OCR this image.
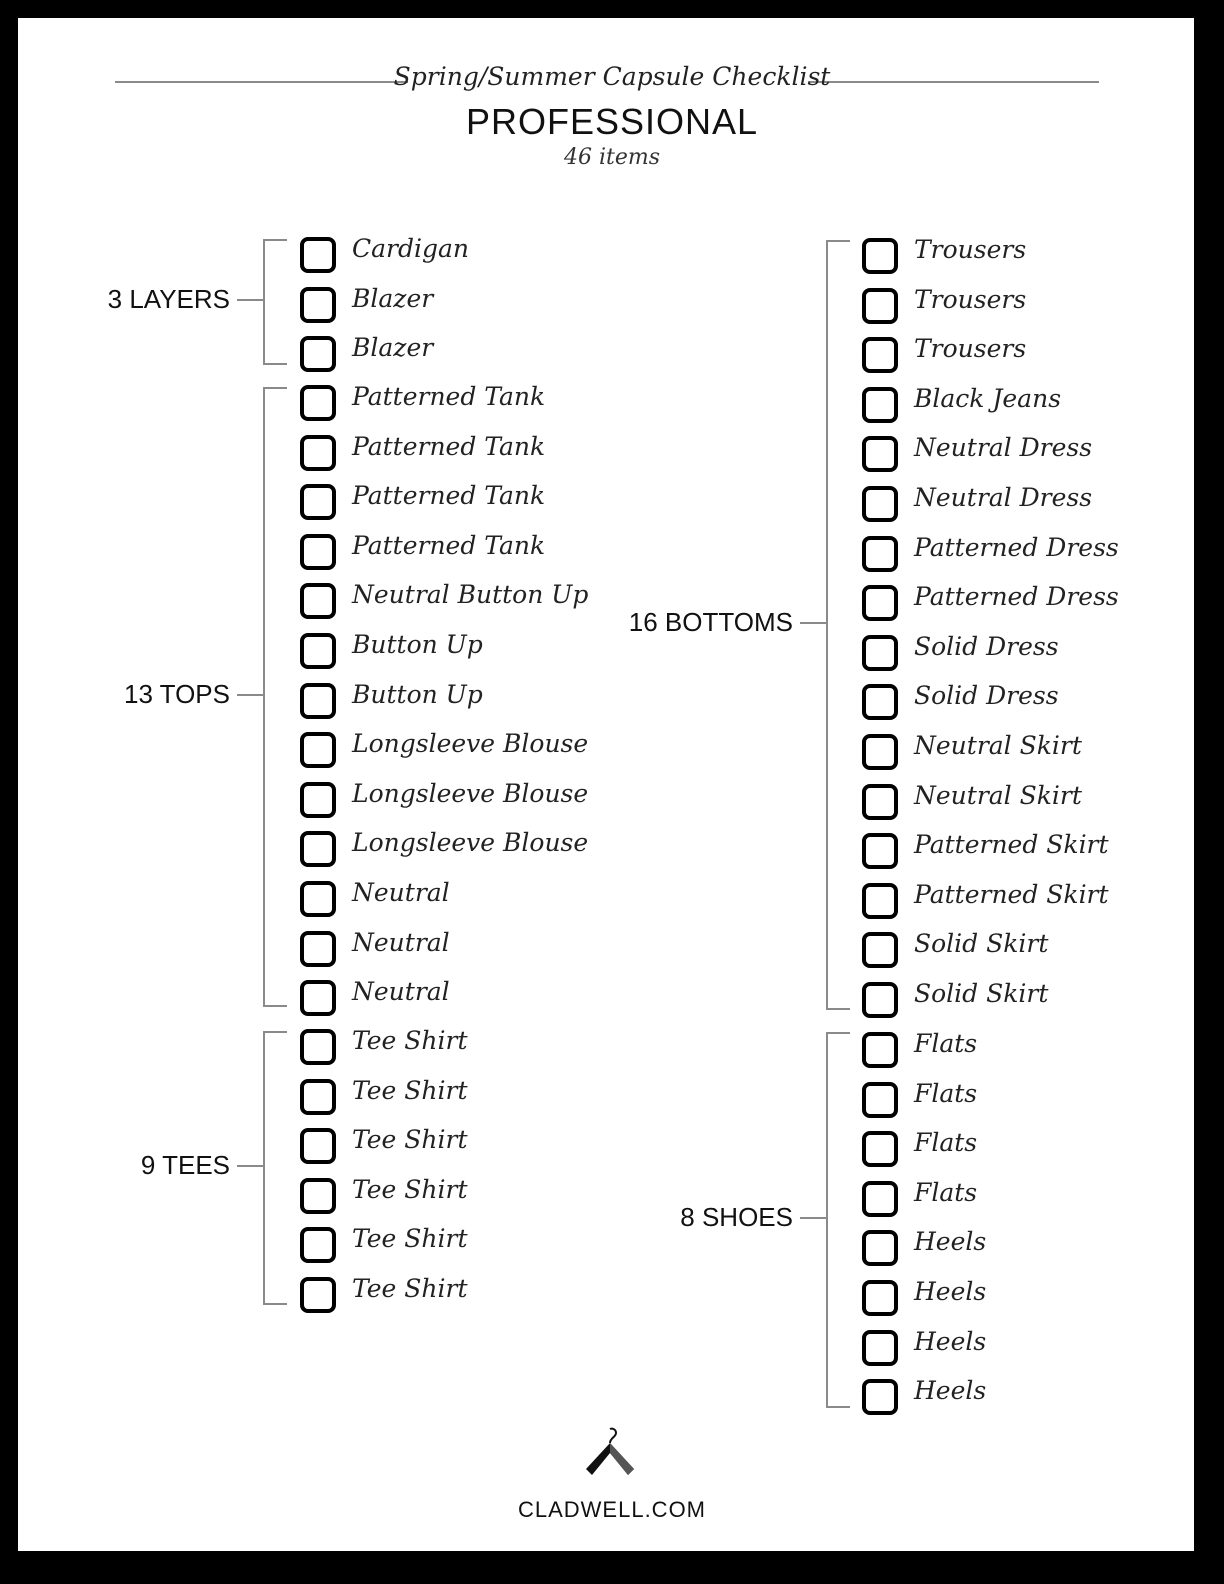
Spring/Summer Capsule Checklist
PROFESSIONAL
46 items
3 LAYERS
Cardigan
Blazer
Blazer
13 TOPS
Patterned Tank
Patterned Tank
Patterned Tank
Patterned Tank
Neutral Button Up
Button Up
Button Up
Longsleeve Blouse
Longsleeve Blouse
Longsleeve Blouse
Neutral
Neutral
Neutral
9 TEES
Tee Shirt
Tee Shirt
Tee Shirt
Tee Shirt
Tee Shirt
Tee Shirt
16 BOTTOMS
Trousers
Trousers
Trousers
Black Jeans
Neutral Dress
Neutral Dress
Patterned Dress
Patterned Dress
Solid Dress
Solid Dress
Neutral Skirt
Neutral Skirt
Patterned Skirt
Patterned Skirt
Solid Skirt
Solid Skirt
8 SHOES
Flats
Flats
Flats
Flats
Heels
Heels
Heels
Heels
CLADWELL.COM
